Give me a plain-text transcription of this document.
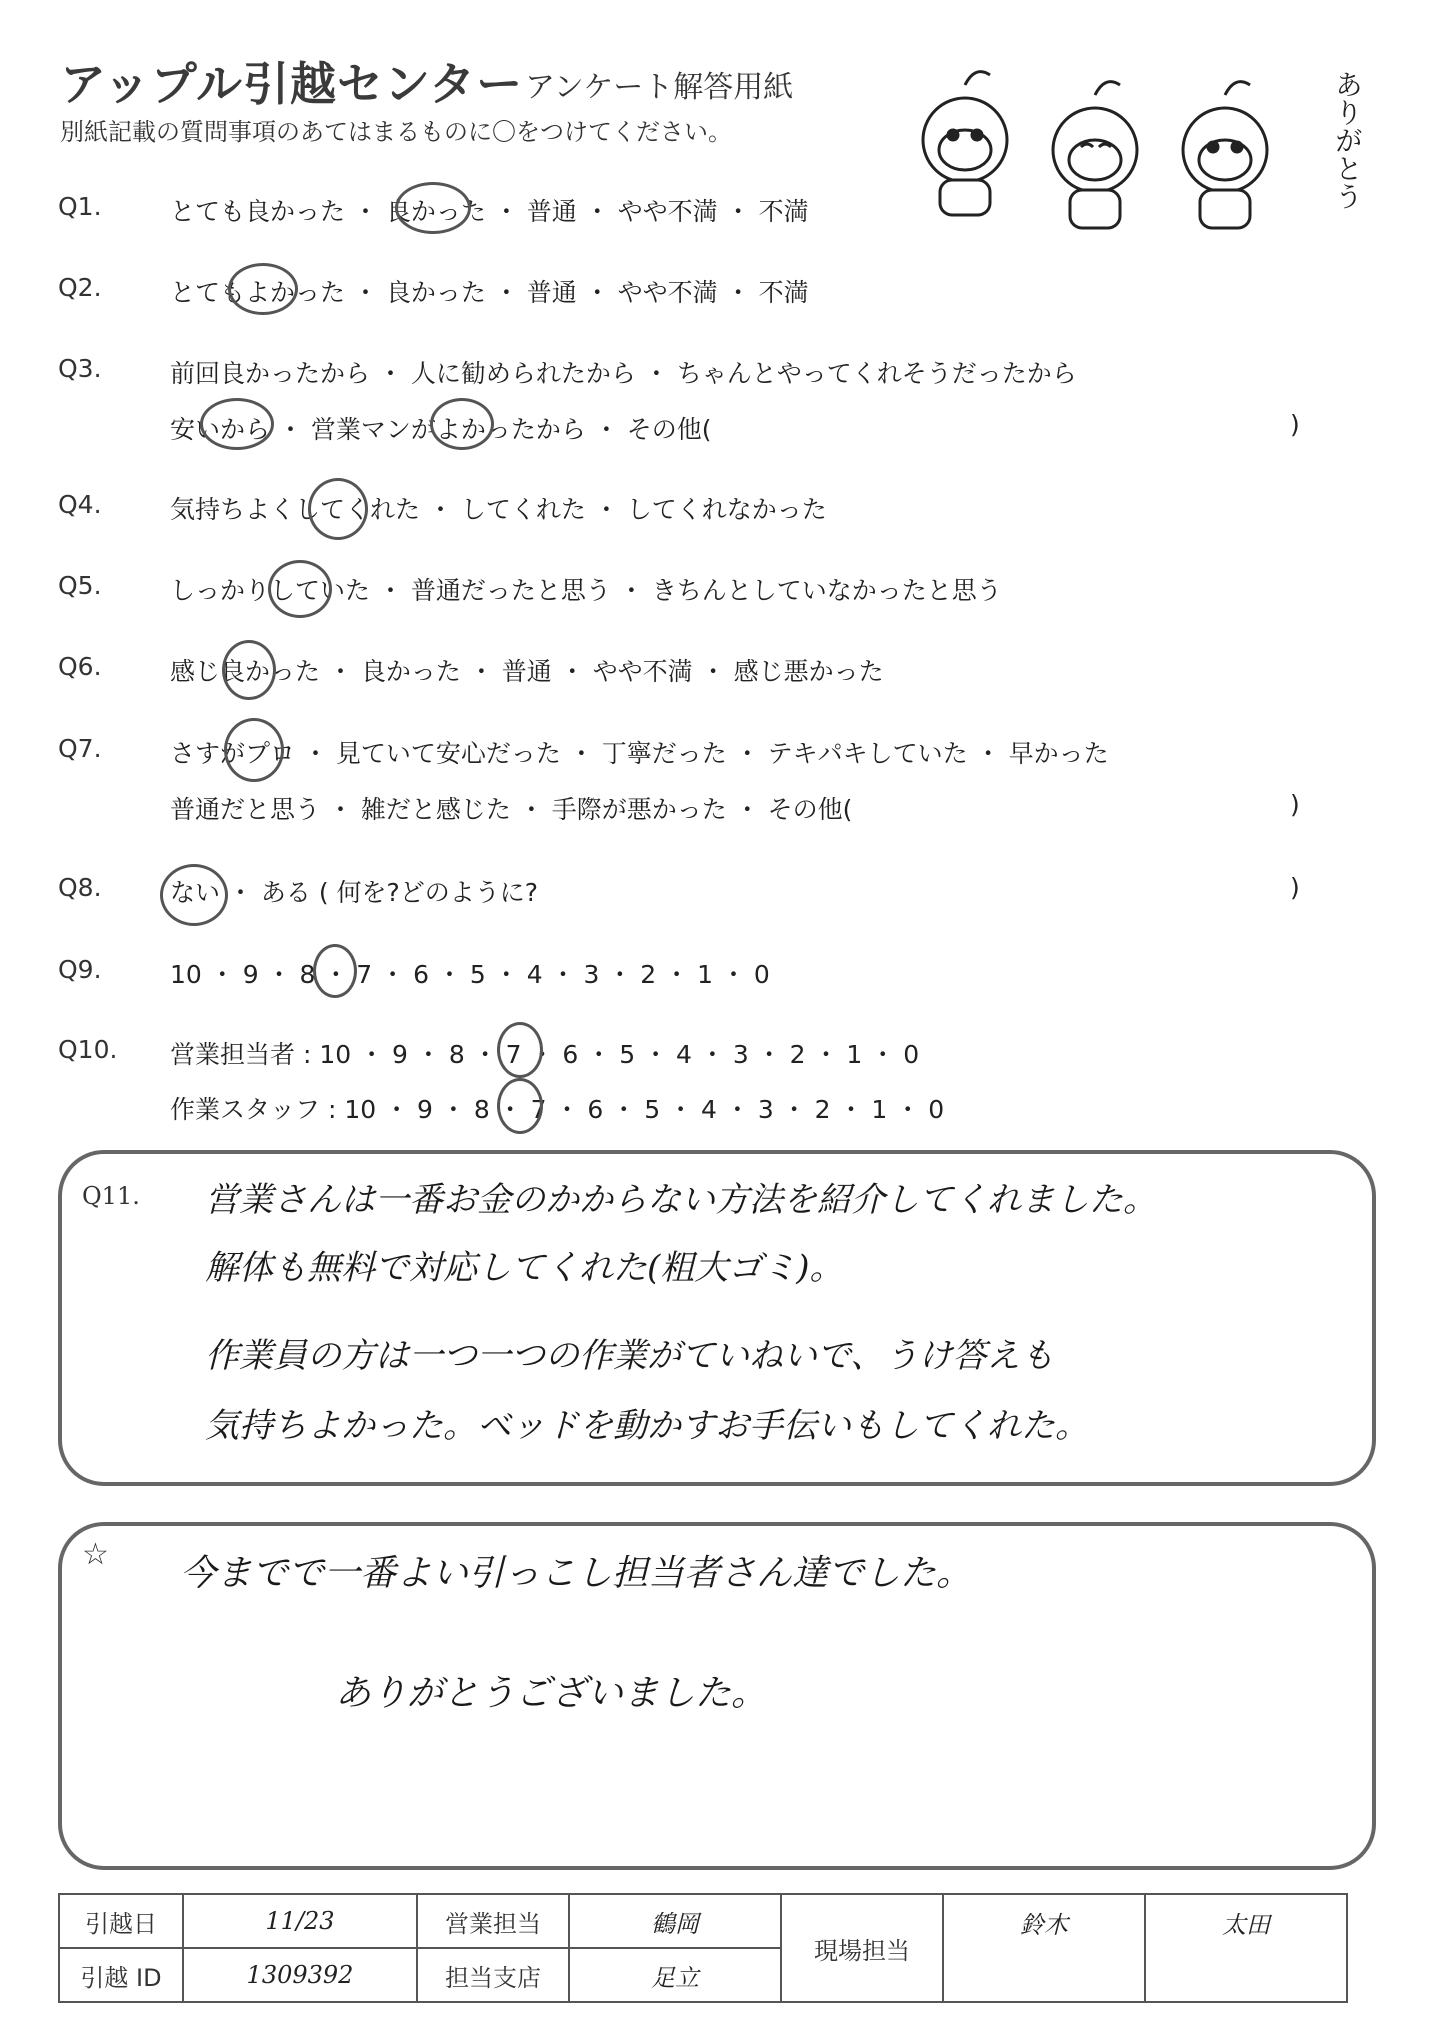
アップル引越センター アンケート解答用紙
別紙記載の質問事項のあてはまるものに〇をつけてください。	ありがとう
Q1.	とても良かった ・ 良かった ・ 普通 ・ やや不満 ・ 不満
Q2.	とてもよかった ・ 良かった ・ 普通 ・ やや不満 ・ 不満
Q3.	前回良かったから ・ 人に勧められたから ・ ちゃんとやってくれそうだったから
安いから ・ 営業マンがよかったから ・ その他(	)
Q4.	気持ちよくしてくれた ・ してくれた ・ してくれなかった
Q5.	しっかりしていた ・ 普通だったと思う ・ きちんとしていなかったと思う
Q6.	感じ良かった ・ 良かった ・ 普通 ・ やや不満 ・ 感じ悪かった
Q7.	さすがプロ ・ 見ていて安心だった ・ 丁寧だった ・ テキパキしていた ・ 早かった
普通だと思う ・ 雑だと感じた ・ 手際が悪かった ・ その他(	)
Q8.	ない ・ ある ( 何を?どのように?	)
Q9.	10 ・ 9 ・ 8 ・ 7 ・ 6 ・ 5 ・ 4 ・ 3 ・ 2 ・ 1 ・ 0
Q10. 営業担当者 : 10 ・ 9 ・ 8 ・ 7 ・ 6 ・ 5 ・ 4 ・ 3 ・ 2 ・ 1 ・ 0
作業スタッフ : 10 ・ 9 ・ 8 ・ 7 ・ 6 ・ 5 ・ 4 ・ 3 ・ 2 ・ 1 ・ 0
Q11. 営業さんは一番お金のかからない方法を紹介してくれました。
解体も無料で対応してくれた(粗大ゴミ)。
作業員の方は一つ一つの作業がていねいで、うけ答えも
気持ちよかった。ベッドを動かすお手伝いもしてくれた。
☆ 今までで一番よい引っこし担当者さん達でした。
ありがとうございました。
引越日	11/23	営業担当	鶴岡	現場担当	鈴木	太田
引越 ID	1309392	担当支店	足立			
